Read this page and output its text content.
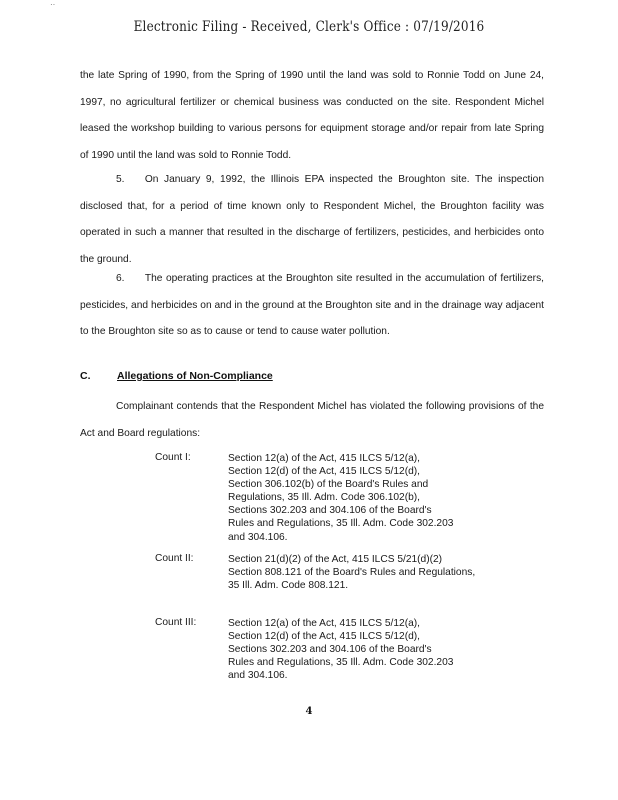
··
Electronic Filing - Received, Clerk's Office : 07/19/2016
the late Spring of 1990, from the Spring of 1990 until the land was sold to Ronnie Todd on June 24, 1997, no agricultural fertilizer or chemical business was conducted on the site. Respondent Michel leased the workshop building to various persons for equipment storage and/or repair from late Spring of 1990 until the land was sold to Ronnie Todd.
5.  On January 9, 1992, the Illinois EPA inspected the Broughton site. The inspection disclosed that, for a period of time known only to Respondent Michel, the Broughton facility was operated in such a manner that resulted in the discharge of fertilizers, pesticides, and herbicides onto the ground.
6.  The operating practices at the Broughton site resulted in the accumulation of fertilizers, pesticides, and herbicides on and in the ground at the Broughton site and in the drainage way adjacent to the Broughton site so as to cause or tend to cause water pollution.
C.	Allegations of Non-Compliance
Complainant contends that the Respondent Michel has violated the following provisions of the Act and Board regulations:
Count I:	Section 12(a) of the Act, 415 ILCS 5/12(a),
Section 12(d) of the Act, 415 ILCS 5/12(d),
Section 306.102(b) of the Board's Rules and
Regulations, 35 Ill. Adm. Code 306.102(b),
Sections 302.203 and 304.106 of the Board's
Rules and Regulations, 35 Ill. Adm. Code 302.203
and 304.106.
Count II:	Section 21(d)(2) of the Act, 415 ILCS 5/21(d)(2)
Section 808.121 of the Board's Rules and Regulations,
35 Ill. Adm. Code 808.121.
Count III:	Section 12(a) of the Act, 415 ILCS 5/12(a),
Section 12(d) of the Act, 415 ILCS 5/12(d),
Sections 302.203 and 304.106 of the Board's
Rules and Regulations, 35 Ill. Adm. Code 302.203
and 304.106.
4
